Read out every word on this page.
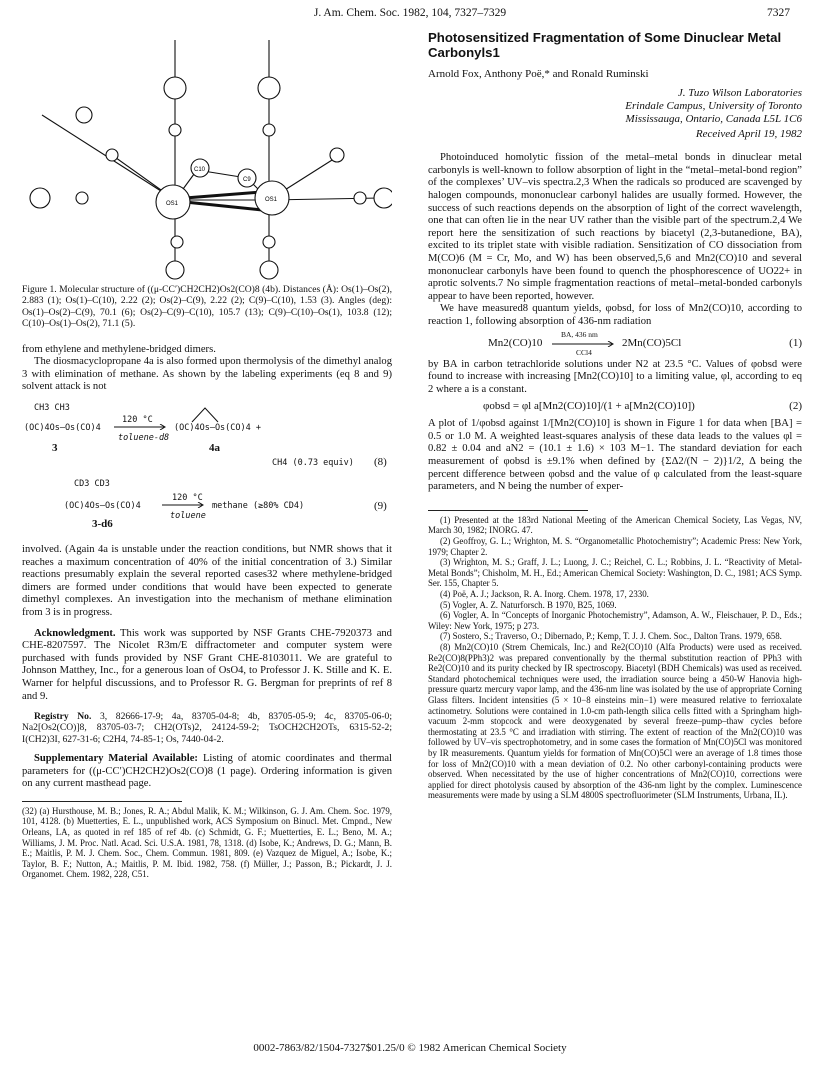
J. Am. Chem. Soc. 1982, 104, 7327–7329	7327
OS1
OS1
C10
C9

Figure 1. Molecular structure of ((μ-CC′)CH2CH2)Os2(CO)8 (4b). Distances (Å): Os(1)–Os(2), 2.883 (1); Os(1)–C(10), 2.22 (2); Os(2)–C(9), 2.22 (2); C(9)–C(10), 1.53 (3). Angles (deg): Os(1)–Os(2)–C(9), 70.1 (6); Os(2)–C(9)–C(10), 105.7 (13); C(9)–C(10)–Os(1), 103.8 (12); C(10)–Os(1)–Os(2), 71.1 (5).

from ethylene and methylene-bridged dimers.

The diosmacyclopropane 4a is also formed upon thermolysis of the dimethyl analog 3 with elimination of methane. As shown by the labeling experiments (eq 8 and 9) solvent attack is not

CH3 CH3
(OC)4Os—Os(CO)4
120 °C
toluene-d8
(OC)4Os—Os(CO)4 +
3	4a
CH4 (0.73 equiv) (8)
CD3 CD3
(OC)4Os—Os(CO)4
120 °C
toluene
methane (≥80% CD4)	(9)
3-d6

involved. (Again 4a is unstable under the reaction conditions, but NMR shows that it reaches a maximum concentration of 40% of the initial concentration of 3.) Similar reactions presumably explain the several reported cases32 where methylene-bridged dimers are formed under conditions that would have been expected to generate dimethyl complexes. An investigation into the mechanism of methane elimination from 3 is in progress.

Acknowledgment. This work was supported by NSF Grants CHE-7920373 and CHE-8207597. The Nicolet R3m/E diffractometer and computer system were purchased with funds provided by NSF Grant CHE-8103011. We are grateful to Johnson Matthey, Inc., for a generous loan of OsO4, to Professor J. K. Stille and K. E. Warner for helpful discussions, and to Professor R. G. Bergman for preprints of ref 8 and 9.

Registry No. 3, 82666-17-9; 4a, 83705-04-8; 4b, 83705-05-9; 4c, 83705-06-0; Na2[Os2(CO)]8, 83705-03-7; CH2(OTs)2, 24124-59-2; TsOCH2CH2OTs, 6315-52-2; I(CH2)3I, 627-31-6; C2H4, 74-85-1; Os, 7440-04-2.

Supplementary Material Available: Listing of atomic coordinates and thermal parameters for ((μ-CC′)CH2CH2)Os2(CO)8 (1 page). Ordering information is given on any current masthead page.

(32) (a) Hursthouse, M. B.; Jones, R. A.; Abdul Malik, K. M.; Wilkinson, G. J. Am. Chem. Soc. 1979, 101, 4128. (b) Muetterties, E. L., unpublished work, ACS Symposium on Binucl. Met. Cmpnd., New Orleans, LA, as quoted in ref 185 of ref 4b. (c) Schmidt, G. F.; Muetterties, E. L.; Beno, M. A.; Williams, J. M. Proc. Natl. Acad. Sci. U.S.A. 1981, 78, 1318. (d) Isobe, K.; Andrews, D. G.; Mann, B. E.; Maitlis, P. M. J. Chem. Soc., Chem. Commun. 1981, 809. (e) Vazquez de Miguel, A.; Isobe, K.; Taylor, B. F.; Nutton, A.; Maitlis, P. M. Ibid. 1982, 758. (f) Müller, J.; Passon, B.; Pickardt, J. J. Organomet. Chem. 1982, 228, C51.

Photosensitized Fragmentation of Some Dinuclear Metal Carbonyls1

Arnold Fox, Anthony Poë,* and Ronald Ruminski

J. Tuzo Wilson Laboratories

Erindale Campus, University of Toronto

Mississauga, Ontario, Canada L5L 1C6

Received April 19, 1982

Photoinduced homolytic fission of the metal–metal bonds in dinuclear metal carbonyls is well-known to follow absorption of light in the “metal–metal-bond region” of the complexes’ UV–vis spectra.2,3 When the radicals so produced are scavenged by halogen compounds, mononuclear carbonyl halides are usually formed. However, the success of such reactions depends on the absorption of light of the correct wavelength, one that can often lie in the near UV rather than the visible part of the spectrum.2,4 We report here the sensitization of such reactions by biacetyl (2,3-butanedione, BA), excited to its triplet state with visible radiation. Sensitization of CO dissociation from M(CO)6 (M = Cr, Mo, and W) has been observed,5,6 and Mn2(CO)10 and several mononuclear carbonyls have been found to quench the phosphorescence of UO22+ in aprotic solvents.7 No simple fragmentation reactions of metal–metal-bonded carbonyls appear to have been reported, however.

We have measured8 quantum yields, φobsd, for loss of Mn2(CO)10, according to reaction 1, following absorption of 436-nm radiation

Mn2(CO)10
BA, 436 nm
CCl4
2Mn(CO)5Cl	(1)

by BA in carbon tetrachloride solutions under N2 at 23.5 °C. Values of φobsd were found to increase with increasing [Mn2(CO)10] to a limiting value, φl, according to eq 2 where a is a constant.

φobsd = φl a[Mn2(CO)10]/(1 + a[Mn2(CO)10])	(2)

A plot of 1/φobsd against 1/[Mn2(CO)10] is shown in Figure 1 for data when [BA] = 0.5 or 1.0 M. A weighted least-squares analysis of these data leads to the values φl = 0.82 ± 0.04 and aN2 = (10.1 ± 1.6) × 103 M−1. The standard deviation for each measurement of φobsd is ±9.1% when defined by {ΣΔ2/(N − 2)}1/2, Δ being the percent difference between φobsd and the value of φ calculated from the least-square parameters, and N being the number of exper-

(1) Presented at the 183rd National Meeting of the American Chemical Society, Las Vegas, NV, March 30, 1982; INORG. 47.

(2) Geoffroy, G. L.; Wrighton, M. S. “Organometallic Photochemistry”; Academic Press: New York, 1979; Chapter 2.

(3) Wrighton, M. S.; Graff, J. L.; Luong, J. C.; Reichel, C. L.; Robbins, J. L. “Reactivity of Metal-Metal Bonds”; Chisholm, M. H., Ed.; American Chemical Society: Washington, D. C., 1981; ACS Symp. Ser. 155, Chapter 5.

(4) Poë, A. J.; Jackson, R. A. Inorg. Chem. 1978, 17, 2330.

(5) Vogler, A. Z. Naturforsch. B 1970, B25, 1069.

(6) Vogler, A. In “Concepts of Inorganic Photochemistry”, Adamson, A. W., Fleischauer, P. D., Eds.; Wiley: New York, 1975; p 273.

(7) Sostero, S.; Traverso, O.; Dibernado, P.; Kemp, T. J. J. Chem. Soc., Dalton Trans. 1979, 658.

(8) Mn2(CO)10 (Strem Chemicals, Inc.) and Re2(CO)10 (Alfa Products) were used as received. Re2(CO)8(PPh3)2 was prepared conventionally by the thermal substitution reaction of PPh3 with Re2(CO)10 and its purity checked by IR spectroscopy. Biacetyl (BDH Chemicals) was used as received. Standard photochemical techniques were used, the irradiation source being a 450-W Hanovia high-pressure quartz mercury vapor lamp, and the 436-nm line was isolated by the use of appropriate Corning Glass filters. Incident intensities (5 × 10−8 einsteins min−1) were measured relative to ferrioxalate actinometry. Solutions were contained in 1.0-cm path-length silica cells fitted with a Springham high-vacuum 2-mm stopcock and were deoxygenated by several freeze–pump–thaw cycles before thermostating at 23.5 °C and irradiation with stirring. The extent of reaction of the Mn2(CO)10 was followed by UV–vis spectrophotometry, and in some cases the formation of Mn(CO)5Cl was monitored by IR measurements. Quantum yields for formation of Mn(CO)5Cl were an average of 1.8 times those for loss of Mn2(CO)10 with a mean deviation of 0.2. No other carbonyl-containing products were observed. When necessitated by the use of higher concentrations of Mn2(CO)10, corrections were applied for direct photolysis caused by absorption of the 436-nm light by the complex. Luminescence measurements were made by using a SLM 4800S spectrofluorimeter (SLM Instruments, Urbana, IL).

0002-7863/82/1504-7327$01.25/0 © 1982 American Chemical Society
